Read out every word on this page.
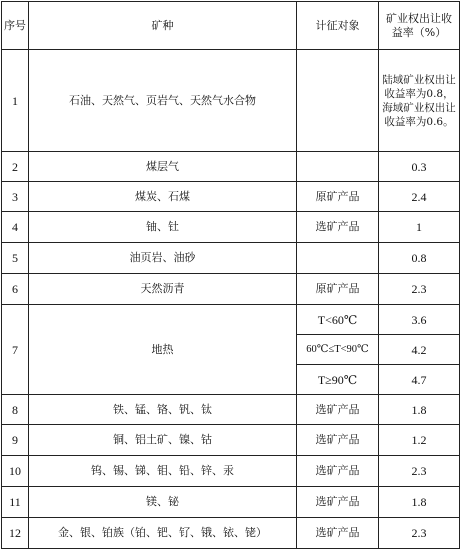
序号	矿种	计征对象	矿业权出让收益率（%）
1	石油、天然气、页岩气、天然气水合物		陆域矿业权出让收益率为0.8，海域矿业权出让收益率为0.6。
2	煤层气		0.3
3	煤炭、石煤	原矿产品	2.4
4	铀、钍	选矿产品	1
5	油页岩、油砂		0.8
6	天然沥青	原矿产品	2.3
7	地热	T<60℃	3.6
		60℃≤T<90℃	4.2
		T≥90℃	4.7
8	铁、锰、铬、钒、钛	选矿产品	1.8
9	铜、铝土矿、镍、钴	选矿产品	1.2
10	钨、锡、锑、钼、铅、锌、汞	选矿产品	2.3
11	镁、铋	选矿产品	1.8
12	金、银、铂族（铂、钯、钌、锇、铱、铑）	选矿产品	2.3
